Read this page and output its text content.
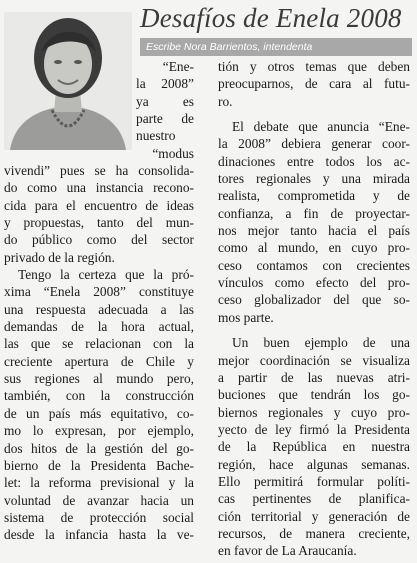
Desafíos de Enela 2008
Escribe Nora Barrientos, intendenta
“Ene-
la 2008”
ya es
parte de
nuestro
“modus
vivendi” pues se ha consolida-
do como una instancia recono-
cida para el encuentro de ideas
y propuestas, tanto del mun-
do público como del sector
privado de la región.
Tengo la certeza que la pró-
xima “Enela 2008” constituye
una respuesta adecuada a las
demandas de la hora actual,
las que se relacionan con la
creciente apertura de Chile y
sus regiones al mundo pero,
también, con la construcción
de un país más equitativo, co-
mo lo expresan, por ejemplo,
dos hitos de la gestión del go-
bierno de la Presidenta Bache-
let: la reforma previsional y la
voluntad de avanzar hacia un
sistema de protección social
desde la infancia hasta la ve-
tión y otros temas que deben
preocuparnos, de cara al futu-
ro.
El debate que anuncia “Ene-
la 2008” debiera generar coor-
dinaciones entre todos los ac-
tores regionales y una mirada
realista, comprometida y de
confianza, a fin de proyectar-
nos mejor tanto hacia el país
como al mundo, en cuyo pro-
ceso contamos con crecientes
vínculos como efecto del pro-
ceso globalizador del que so-
mos parte.
Un buen ejemplo de una
mejor coordinación se visualiza
a partir de las nuevas atri-
buciones que tendrán los go-
biernos regionales y cuyo pro-
yecto de ley firmó la Presidenta
de la República en nuestra
región, hace algunas semanas.
Ello permitirá formular políti-
cas pertinentes de planifica-
ción territorial y generación de
recursos, de manera creciente,
en favor de La Araucanía.
